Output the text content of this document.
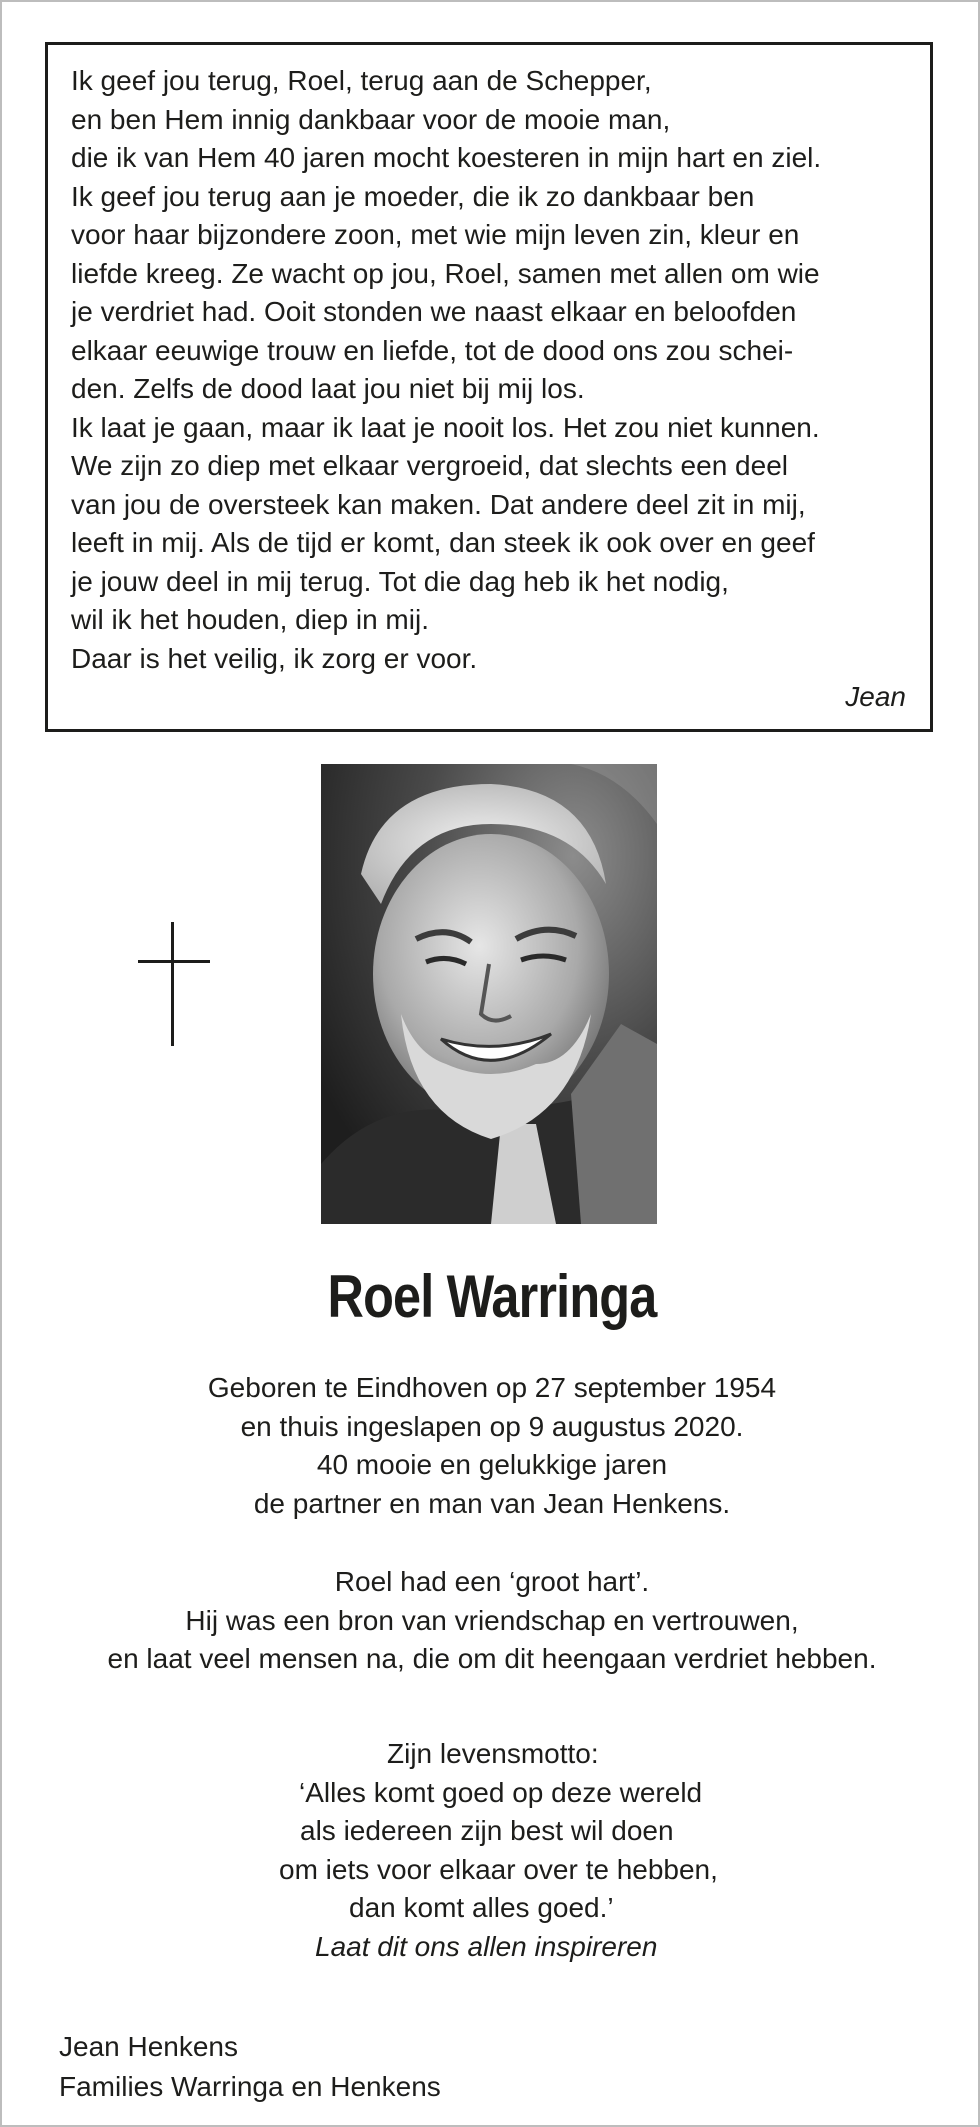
Ik geef jou terug, Roel, terug aan de Schepper,
en ben Hem innig dankbaar voor de mooie man,
die ik van Hem 40 jaren mocht koesteren in mijn hart en ziel.
Ik geef jou terug aan je moeder, die ik zo dankbaar ben
voor haar bijzondere zoon, met wie mijn leven zin, kleur en
liefde kreeg. Ze wacht op jou, Roel, samen met allen om wie
je verdriet had. Ooit stonden we naast elkaar en beloofden
elkaar eeuwige trouw en liefde, tot de dood ons zou schei-
den. Zelfs de dood laat jou niet bij mij los.
Ik laat je gaan, maar ik laat je nooit los. Het zou niet kunnen.
We zijn zo diep met elkaar vergroeid, dat slechts een deel
van jou de oversteek kan maken. Dat andere deel zit in mij,
leeft in mij. Als de tijd er komt, dan steek ik ook over en geef
je jouw deel in mij terug. Tot die dag heb ik het nodig,
wil ik het houden, diep in mij.
Daar is het veilig, ik zorg er voor.
Jean
Roel Warringa
Geboren te Eindhoven op 27 september 1954
en thuis ingeslapen op 9 augustus 2020.
40 mooie en gelukkige jaren
de partner en man van Jean Henkens.
Roel had een ‘groot hart’.
Hij was een bron van vriendschap en vertrouwen,
en laat veel mensen na, die om dit heengaan verdriet hebben.
Zijn levensmotto:
‘Alles komt goed op deze wereld
als iedereen zijn best wil doen
om iets voor elkaar over te hebben,
dan komt alles goed.’
Laat dit ons allen inspireren
Jean Henkens
Families Warringa en Henkens
